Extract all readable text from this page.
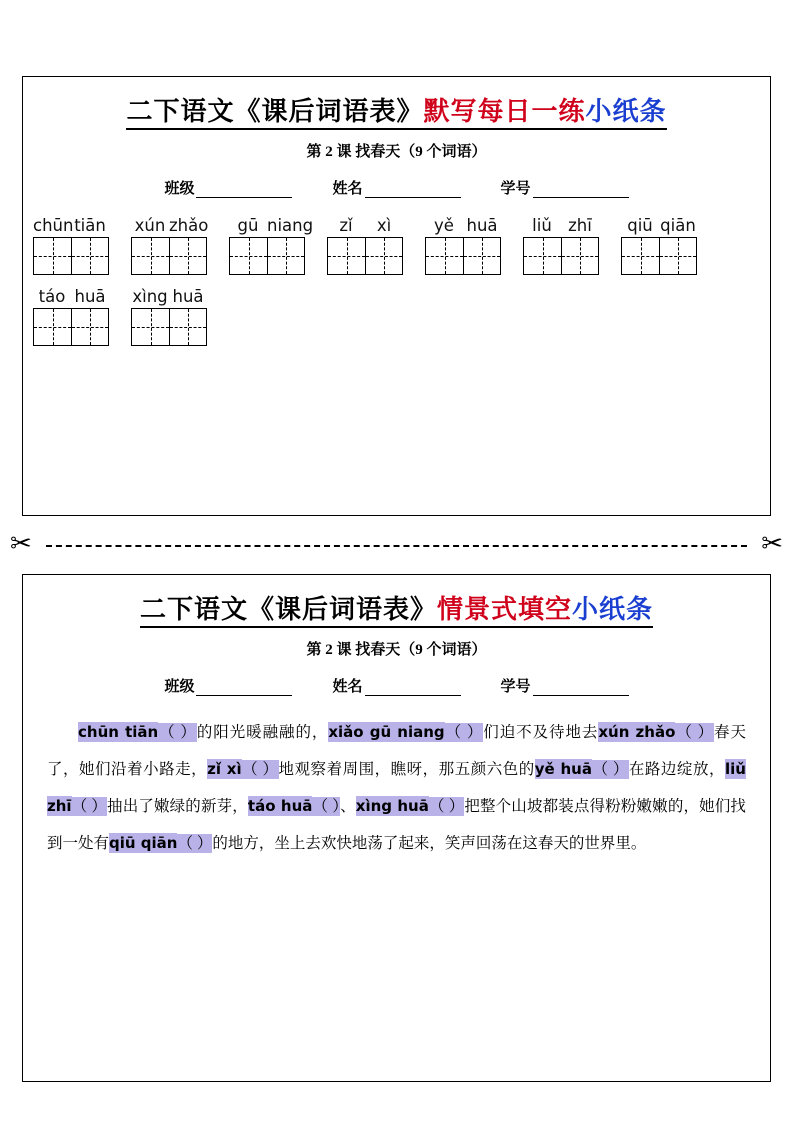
二下语文《课后词语表》默写每日一练小纸条
第 2 课 找春天（9 个词语）
班级	姓名	学号
chūn tiān xún zhǎo	gū niang	zǐ	xì	yě huā	liǔ zhī	qiū qiān
táo huā xìng huā
✂	✂
二下语文《课后词语表》情景式填空小纸条
第 2 课 找春天（9 个词语）
班级	姓名	学号

chūn tiān（ ）的阳光暖融融的，xiǎo gū niang（ ）们迫不及待地去xún zhǎo（ ）春天了，她们沿着小路走，zǐ xì（ ）地观察着周围，瞧呀，那五颜六色的yě huā（ ）在路边绽放，liǔ zhī（ ）抽出了嫩绿的新芽，táo huā（ ）、xìng huā（ ）把整个山坡都装点得粉粉嫩嫩的，她们找到一处有qiū qiān（ ）的地方，坐上去欢快地荡了起来，笑声回荡在这春天的世界里。
